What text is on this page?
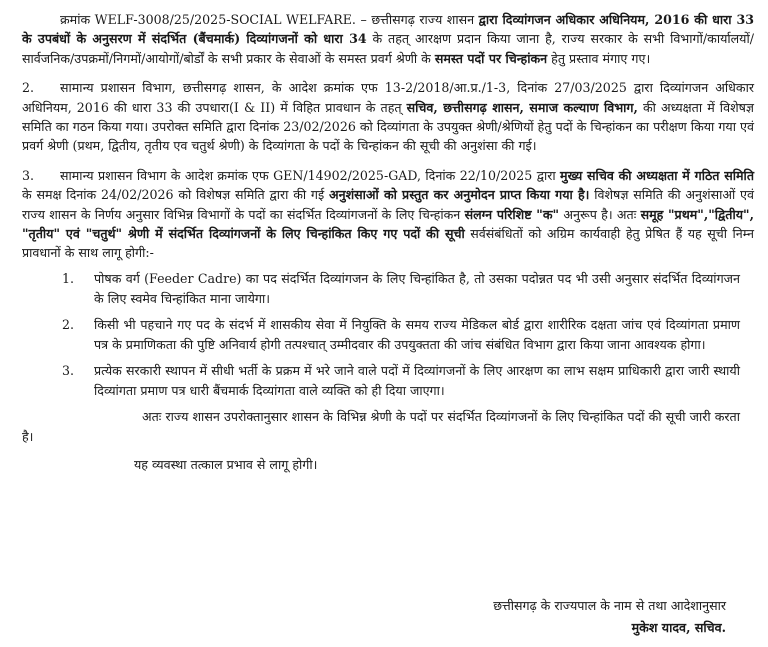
क्रमांक WELF-3008/25/2025-SOCIAL WELFARE. – छत्तीसगढ़ राज्य शासन द्वारा दिव्यांगजन अधिकार अधिनियम, 2016 की धारा 33 के उपबंधों के अनुसरण में संदर्भित (बैंचमार्क) दिव्यांगजनों को धारा 34 के तहत् आरक्षण प्रदान किया जाना है, राज्य सरकार के सभी विभागों/कार्यालयों/सार्वजनिक/उपक्रमों/निगमों/आयोगों/बोर्डों के सभी प्रकार के सेवाओं के समस्त प्रवर्ग श्रेणी के समस्त पदों पर चिन्हांकन हेतु प्रस्ताव मंगाए गए।

2. सामान्य प्रशासन विभाग, छत्तीसगढ़ शासन, के आदेश क्रमांक एफ 13-2/2018/आ.प्र./1-3, दिनांक 27/03/2025 द्वारा दिव्यांगजन अधिकार अधिनियम, 2016 की धारा 33 की उपधारा(I & II) में विहित प्रावधान के तहत् सचिव, छत्तीसगढ़ शासन, समाज कल्याण विभाग, की अध्यक्षता में विशेषज्ञ समिति का गठन किया गया। उपरोक्त समिति द्वारा दिनांक 23/02/2026 को दिव्यांगता के उपयुक्त श्रेणी/श्रेणियों हेतु पदों के चिन्हांकन का परीक्षण किया गया एवं प्रवर्ग श्रेणी (प्रथम, द्वितीय, तृतीय एव चतुर्थ श्रेणी) के दिव्यांगता के पदों के चिन्हांकन की सूची की अनुशंसा की गई।

3. सामान्य प्रशासन विभाग के आदेश क्रमांक एफ GEN/14902/2025-GAD, दिनांक 22/10/2025 द्वारा मुख्य सचिव की अध्यक्षता में गठित समिति के समक्ष दिनांक 24/02/2026 को विशेषज्ञ समिति द्वारा की गई अनुशंसाओं को प्रस्तुत कर अनुमोदन प्राप्त किया गया है। विशेषज्ञ समिति की अनुशंसाओं एवं राज्य शासन के निर्णय अनुसार विभिन्न विभागों के पदों का संदर्भित दिव्यांगजनों के लिए चिन्हांकन संलग्न परिशिष्ट "क" अनुरूप है। अतः समूह "प्रथम","द्वितीय", "तृतीय" एवं "चतुर्थ" श्रेणी में संदर्भित दिव्यांगजनों के लिए चिन्हांकित किए गए पदों की सूची सर्वसंबंधितों को अग्रिम कार्यवाही हेतु प्रेषित हैं यह सूची निम्न प्रावधानों के साथ लागू होगी:-

1.	पोषक वर्ग (Feeder Cadre) का पद संदर्भित दिव्यांगजन के लिए चिन्हांकित है, तो उसका पदोन्नत पद भी उसी अनुसार संदर्भित दिव्यांगजन के लिए स्वमेव चिन्हांकित माना जायेगा।
2.	किसी भी पहचाने गए पद के संदर्भ में शासकीय सेवा में नियुक्ति के समय राज्य मेडिकल बोर्ड द्वारा शारीरिक दक्षता जांच एवं दिव्यांगता प्रमाण पत्र के प्रमाणिकता की पुष्टि अनिवार्य होगी तत्पश्चात् उम्मीदवार की उपयुक्तता की जांच संबंधित विभाग द्वारा किया जाना आवश्यक होगा।
3.	प्रत्येक सरकारी स्थापन में सीधी भर्ती के प्रक्रम में भरे जाने वाले पदों में दिव्यांगजनों के लिए आरक्षण का लाभ सक्षम प्राधिकारी द्वारा जारी स्थायी दिव्यांगता प्रमाण पत्र धारी बैंचमार्क दिव्यांगता वाले व्यक्ति को ही दिया जाएगा।

अतः राज्य शासन उपरोक्तानुसार शासन के विभिन्न श्रेणी के पदों पर संदर्भित दिव्यांगजनों के लिए चिन्हांकित पदों की सूची जारी करता है।

यह व्यवस्था तत्काल प्रभाव से लागू होगी।

छत्तीसगढ़ के राज्यपाल के नाम से तथा आदेशानुसार
मुकेश यादव, सचिव.
